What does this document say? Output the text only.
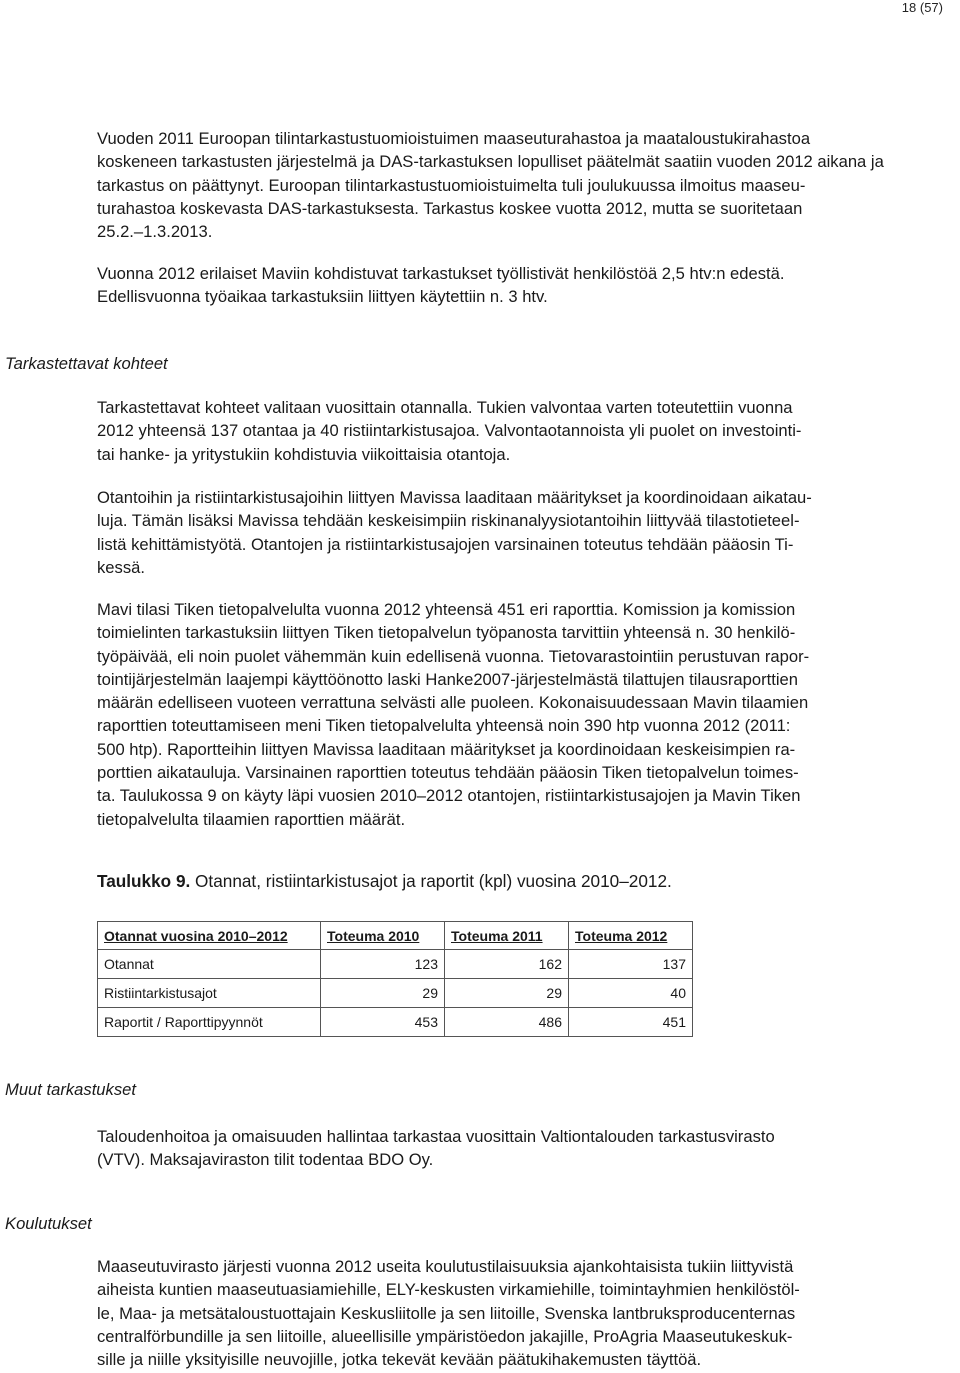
18 (57)

Vuoden 2011 Euroopan tilintarkastustuomioistuimen maaseuturahastoa ja maataloustukirahastoa
koskeneen tarkastusten järjestelmä ja DAS-tarkastuksen lopulliset päätelmät saatiin vuoden 2012 aikana ja
tarkastus on päättynyt. Euroopan tilintarkastustuomioistuimelta tuli joulukuussa ilmoitus maaseu-
turahastoa koskevasta DAS-tarkastuksesta. Tarkastus koskee vuotta 2012, mutta se suoritetaan
25.2.–1.3.2013.

Vuonna 2012 erilaiset Maviin kohdistuvat tarkastukset työllistivät henkilöstöä 2,5 htv:n edestä.
Edellisvuonna työaikaa tarkastuksiin liittyen käytettiin n. 3 htv.

Tarkastettavat kohteet

Tarkastettavat kohteet valitaan vuosittain otannalla. Tukien valvontaa varten toteutettiin vuonna
2012 yhteensä 137 otantaa ja 40 ristiintarkistusajoa. Valvontaotannoista yli puolet on investointi-
tai hanke- ja yritystukiin kohdistuvia viikoittaisia otantoja.

Otantoihin ja ristiintarkistusajoihin liittyen Mavissa laaditaan määritykset ja koordinoidaan aikatau-
luja. Tämän lisäksi Mavissa tehdään keskeisimpiin riskinanalyysiotantoihin liittyvää tilastotieteel-
listä kehittämistyötä. Otantojen ja ristiintarkistusajojen varsinainen toteutus tehdään pääosin Ti-
kessä.

Mavi tilasi Tiken tietopalvelulta vuonna 2012 yhteensä 451 eri raporttia. Komission ja komission
toimielinten tarkastuksiin liittyen Tiken tietopalvelun työpanosta tarvittiin yhteensä n. 30 henkilö-
työpäivää, eli noin puolet vähemmän kuin edellisenä vuonna. Tietovarastointiin perustuvan rapor-
tointijärjestelmän laajempi käyttöönotto laski Hanke2007-järjestelmästä tilattujen tilausraporttien
määrän edelliseen vuoteen verrattuna selvästi alle puoleen. Kokonaisuudessaan Mavin tilaamien
raporttien toteuttamiseen meni Tiken tietopalvelulta yhteensä noin 390 htp vuonna 2012 (2011:
500 htp). Raportteihin liittyen Mavissa laaditaan määritykset ja koordinoidaan keskeisimpien ra-
porttien aikatauluja. Varsinainen raporttien toteutus tehdään pääosin Tiken tietopalvelun toimes-
ta. Taulukossa 9 on käyty läpi vuosien 2010–2012 otantojen, ristiintarkistusajojen ja Mavin Tiken
tietopalvelulta tilaamien raporttien määrät.

Taulukko 9. Otannat, ristiintarkistusajot ja raportit (kpl) vuosina 2010–2012.

Otannat vuosina 2010–2012	Toteuma 2010	Toteuma 2011	Toteuma 2012
Otannat	123	162	137
Ristiintarkistusajot	29	29	40
Raportit / Raporttipyynnöt	453	486	451
Muut tarkastukset

Taloudenhoitoa ja omaisuuden hallintaa tarkastaa vuosittain Valtiontalouden tarkastusvirasto
(VTV). Maksajaviraston tilit todentaa BDO Oy.

Koulutukset

Maaseutuvirasto järjesti vuonna 2012 useita koulutustilaisuuksia ajankohtaisista tukiin liittyvistä
aiheista kuntien maaseutuasiamiehille, ELY-keskusten virkamiehille, toimintayhmien henkilöstöl-
le, Maa- ja metsätaloustuottajain Keskusliitolle ja sen liitoille, Svenska lantbruksproducenternas
centralförbundille ja sen liitoille, alueellisille ympäristöedon jakajille, ProAgria Maaseutukeskuk-
sille ja niille yksityisille neuvojille, jotka tekevät kevään päätukihakemusten täyttöä.
